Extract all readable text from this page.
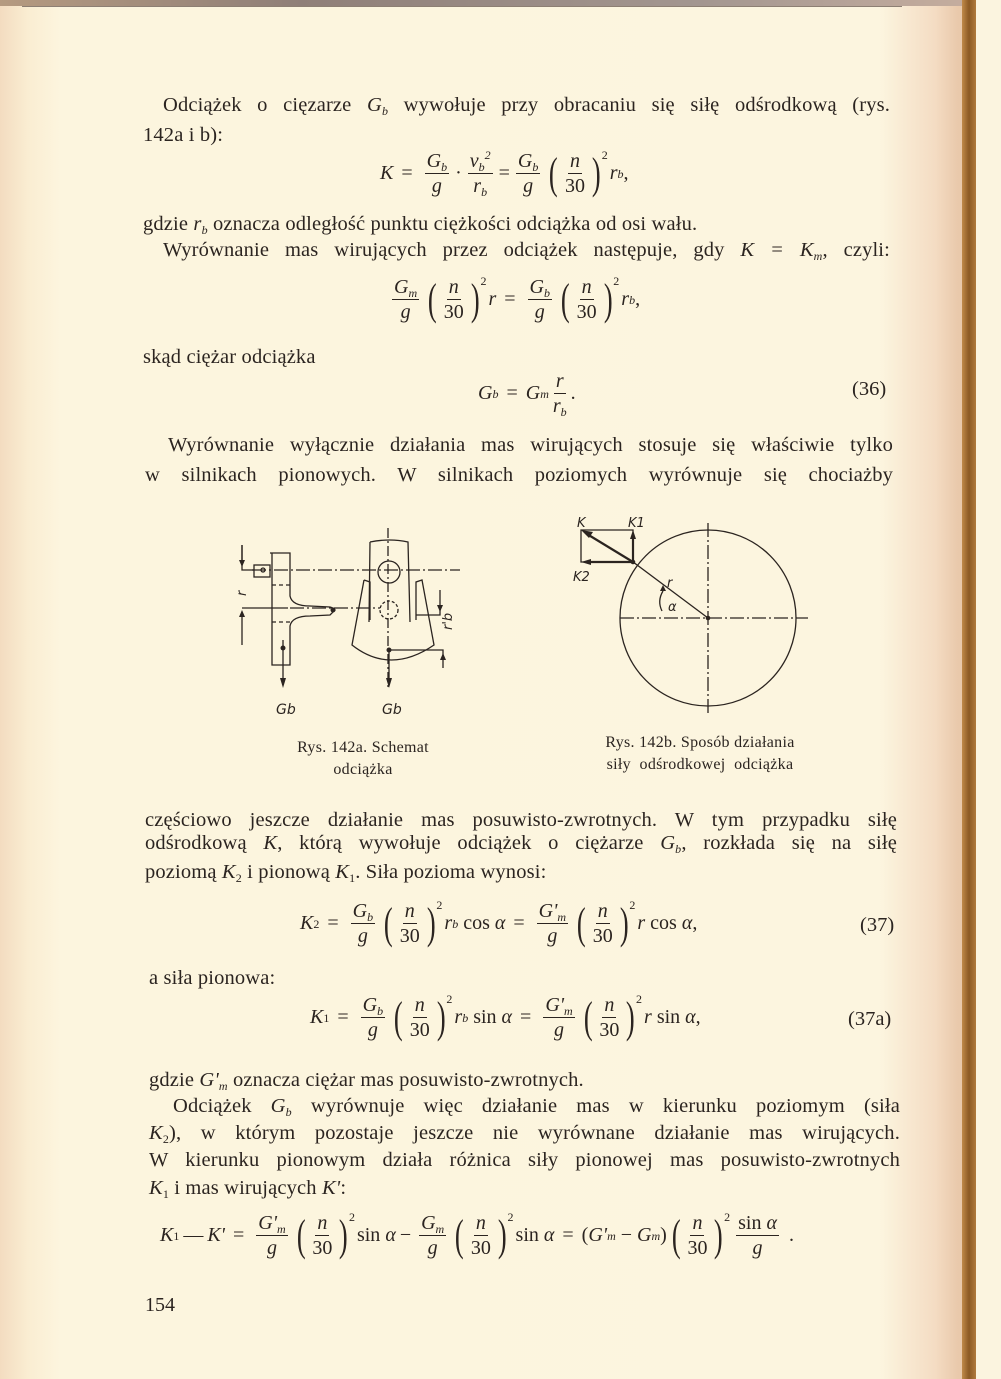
Odciążek o cięzarze $G_b$ wywołuje przy obracaniu się siłę odśrodkową (rys.
142a i b):
$K = \frac{G_b}{g} \cdot \frac{v_b^2}{r_b} = \frac{G_b}{g}$ ( $\frac{n}{30}$ ) 2
r b ,
gdzie $r_b$ oznacza odległość punktu ciężkości odciążka od osi wału.
Wyrównanie mas wirujących przez odciążek następuje, gdy $K = K_m$, czyli:
$\frac{G_m}{g}$ ( $\frac{n}{30}$ ) 2
$r = \frac{G_b}{g}$ ( $\frac{n}{30}$ ) 2
r b ,
skąd ciężar odciążka
G b = G m $\frac{r}{r_b}$ .	(36)
Wyrównanie wyłącznie działania mas wirujących stosuje się właściwie tylko
w silnikach pionowych. W silnikach poziomych wyrównuje się chociażby
r
r'b
Gb	Gb
Rys. 142a. Schemat
odciążka
K	K1
K2	r
α
Rys. 142b. Sposób działania
siły  odśrodkowej  odciążka
częściowo jeszcze działanie mas posuwisto-zwrotnych. W tym przypadku siłę
odśrodkową K, którą wywołuje odciążek o ciężarze $G_b$, rozkłada się na siłę
poziomą $K_2$ i pionową $K_1$. Siła pozioma wynosi:
K $2 = \frac{G_b}{g}$ ( $\frac{n}{30}$ ) 2
r b
cos
$\alpha = \frac{G'_m}{g}$ ( $\frac{n}{30}$ ) 2
r
cos
α ,	(37)
a siła pionowa:
K $1 = \frac{G_b}{g}$ ( $\frac{n}{30}$ ) 2
r b
sin
$\alpha = \frac{G'_m}{g}$ ( $\frac{n}{30}$ ) 2
r
sin
α ,	(37a)
gdzie $G'_m$ oznacza ciężar mas posuwisto-zwrotnych.
Odciążek $G_b$ wyrównuje więc działanie mas w kierunku poziomym (siła
$K_2$), w którym pozostaje jeszcze nie wyrównane działanie mas wirujących.
W kierunku pionowym działa różnica siły pionowej mas posuwisto-zwrotnych
$K_1$ i mas wirujących K':
K 1 — $K' = \frac{G'_m}{g}$ ( $\frac{n}{30}$ ) 2
sin
$\alpha - \frac{G_m}{g}$ ( $\frac{n}{30}$ ) 2
sin
α = ( G' m − G m ) ( $\frac{n}{30}$ ) $2 \frac{\text{sin α}}{g}$ .
154
